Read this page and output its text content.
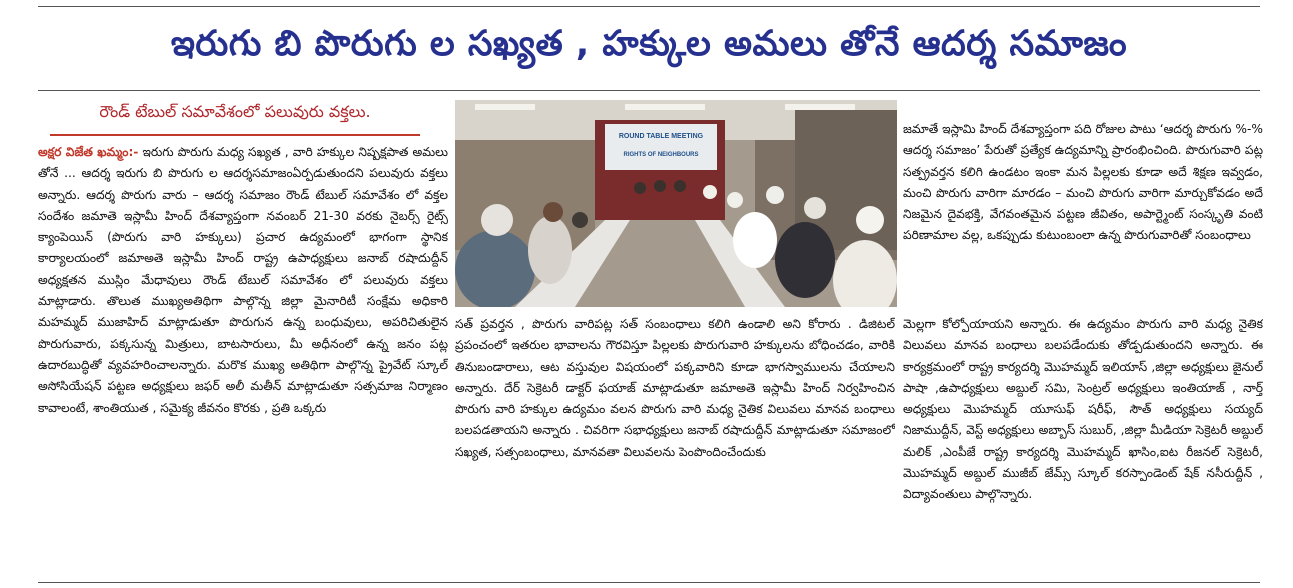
ఇరుగు బి పొరుగు ల సఖ్యత , హక్కుల అమలు తోనే ఆదర్శ సమాజం
రౌండ్ టేబుల్ సమావేశంలో పలువురు వక్తలు.

అక్షర విజేత ఖమ్మం:- ఇరుగు పొరుగు మధ్య సఖ్యత , వారి హక్కుల నిష్పక్షపాత అమలు తోనే ... ఆదర్శ ఇరుగు బి పొరుగు ల ఆదర్శసమాజంఏర్పడుతుందని పలువురు వక్తలు అన్నారు. ఆదర్శ పొరుగు వారు – ఆదర్శ సమాజం రౌండ్ టేబుల్ సమావేశం లో వక్తల సందేశం జమాతె ఇస్లామీ హింద్ దేశవ్యాప్తంగా నవంబర్ 21-30 వరకు నైబర్స్ రైట్స్ క్యాంపెయిన్ (పొరుగు వారి హక్కులు) ప్రచార ఉద్యమంలో భాగంగా స్థానిక కార్యాలయంలో జమాఅతె ఇస్లామీ హింద్ రాష్ట్ర ఉపాధ్యక్షులు జనాబ్ రషాదుద్దీన్ అధ్యక్షతన ముస్లిం మేధావులు రౌండ్ టేబుల్ సమావేశం లో పలువురు వక్తలు మాట్లాడారు. తొలుత ముఖ్యఅతిథిగా పాల్గొన్న జిల్లా మైనారిటీ సంక్షేమ అధికారి మహమ్మద్ ముజాహిద్ మాట్లాడుతూ పొరుగున ఉన్న బంధువులు, అపరిచితులైన పొరుగువారు, పక్కసున్న మిత్రులు, బాటసారులు, మీ అధీనంలో ఉన్న జనం పట్ల ఉదారబుద్ధితో వ్యవహరించాలన్నారు. మరొక ముఖ్య అతిథిగా పాల్గొన్న ప్రైవేట్ స్కూల్ అసోసియేషన్ పట్టణ అధ్యక్షులు జఫర్ అలీ మతీన్ మాట్లాడుతూ సత్సమాజ నిర్మాణం కావాలంటే, శాంతియుత , సమైక్య జీవనం కొరకు , ప్రతి ఒక్కరు

ROUND TABLE MEETING
RIGHTS OF NEIGHBOURS

జమాతే ఇస్లామి హింద్ దేశవ్యాప్తంగా పది రోజుల పాటు ‘ఆదర్శ పొరుగు %-% ఆదర్శ సమాజం’ పేరుతో ప్రత్యేక ఉద్యమాన్ని ప్రారంభించింది. పొరుగువారి పట్ల సత్ప్రవర్తన కలిగి ఉండటం ఇంకా మన పిల్లలకు కూడా అదే శిక్షణ ఇవ్వడం, మంచి పొరుగు వారిగా మారడం – మంచి పొరుగు వారిగా మార్చుకోవడం అదే నిజమైన దైవభక్తి, వేగవంతమైన పట్టణ జీవితం, అపార్ట్మెంట్ సంస్కృతి వంటి పరిణామాల వల్ల, ఒకప్పుడు కుటుంబంలా ఉన్న పొరుగువారితో సంబంధాలు

సత్ ప్రవర్తన , పొరుగు వారిపట్ల సత్ సంబంధాలు కలిగి ఉండాలి అని కోరారు . డిజిటల్ ప్రపంచంలో ఇతరుల భావాలను గౌరవిస్తూ పిల్లలకు పొరుగువారి హక్కులను బోధించడం, వారికి తినుబండారాలు, ఆట వస్తువుల విషయంలో పక్కవారిని కూడా భాగస్వాములను చేయాలని అన్నారు. దేర్ సెక్రెటరీ డాక్టర్ ఫయాజ్ మాట్లాడుతూ జమాఅతె ఇస్లామీ హింద్ నిర్వహించిన పొరుగు వారి హక్కుల ఉద్యమం వలన పొరుగు వారి మధ్య నైతిక విలువలు మానవ బంధాలు బలపడతాయని అన్నారు . చివరిగా సభాధ్యక్షులు జనాబ్ రషాదుద్దీన్ మాట్లాడుతూ సమాజంలో సఖ్యత, సత్సంబంధాలు, మానవతా విలువలను పెంపొందించేందుకు

మెల్లగా కోల్పోయాయని అన్నారు. ఈ ఉద్యమం పొరుగు వారి మధ్య నైతిక విలువలు మానవ బంధాలు బలపడేందుకు తోడ్పడుతుందని అన్నారు. ఈ కార్యక్రమంలో రాష్ట్ర కార్యదర్శి మొహమ్మద్ ఇలియాస్ ,జిల్లా అధ్యక్షులు జైనుల్ పాషా ,ఉపాధ్యక్షులు అబ్దుల్ సమి, సెంట్రల్ అధ్యక్షులు ఇంతియాజ్ , నార్త్ అధ్యక్షులు మొహమ్మద్ యూసుఫ్ షరీఫ్, సౌత్ అధ్యక్షులు సయ్యద్ నిజాముద్దీన్, వెస్ట్ అధ్యక్షులు అబ్బాస్ సుబుర్, ,జిల్లా మీడియా సెక్రెటరీ అబ్దుల్ మలిక్ ,ఎంపీజే రాష్ట్ర కార్యదర్శి మొహమ్మద్ ఖాసిం,ఐట రీజనల్ సెక్రెటరీ, మొహమ్మద్ అబ్దుల్ ముజీబ్ జేమ్స్ స్కూల్ కరస్పాండెంట్ షేక్ నసీరుద్దీన్ , విద్యావంతులు పాల్గొన్నారు.
